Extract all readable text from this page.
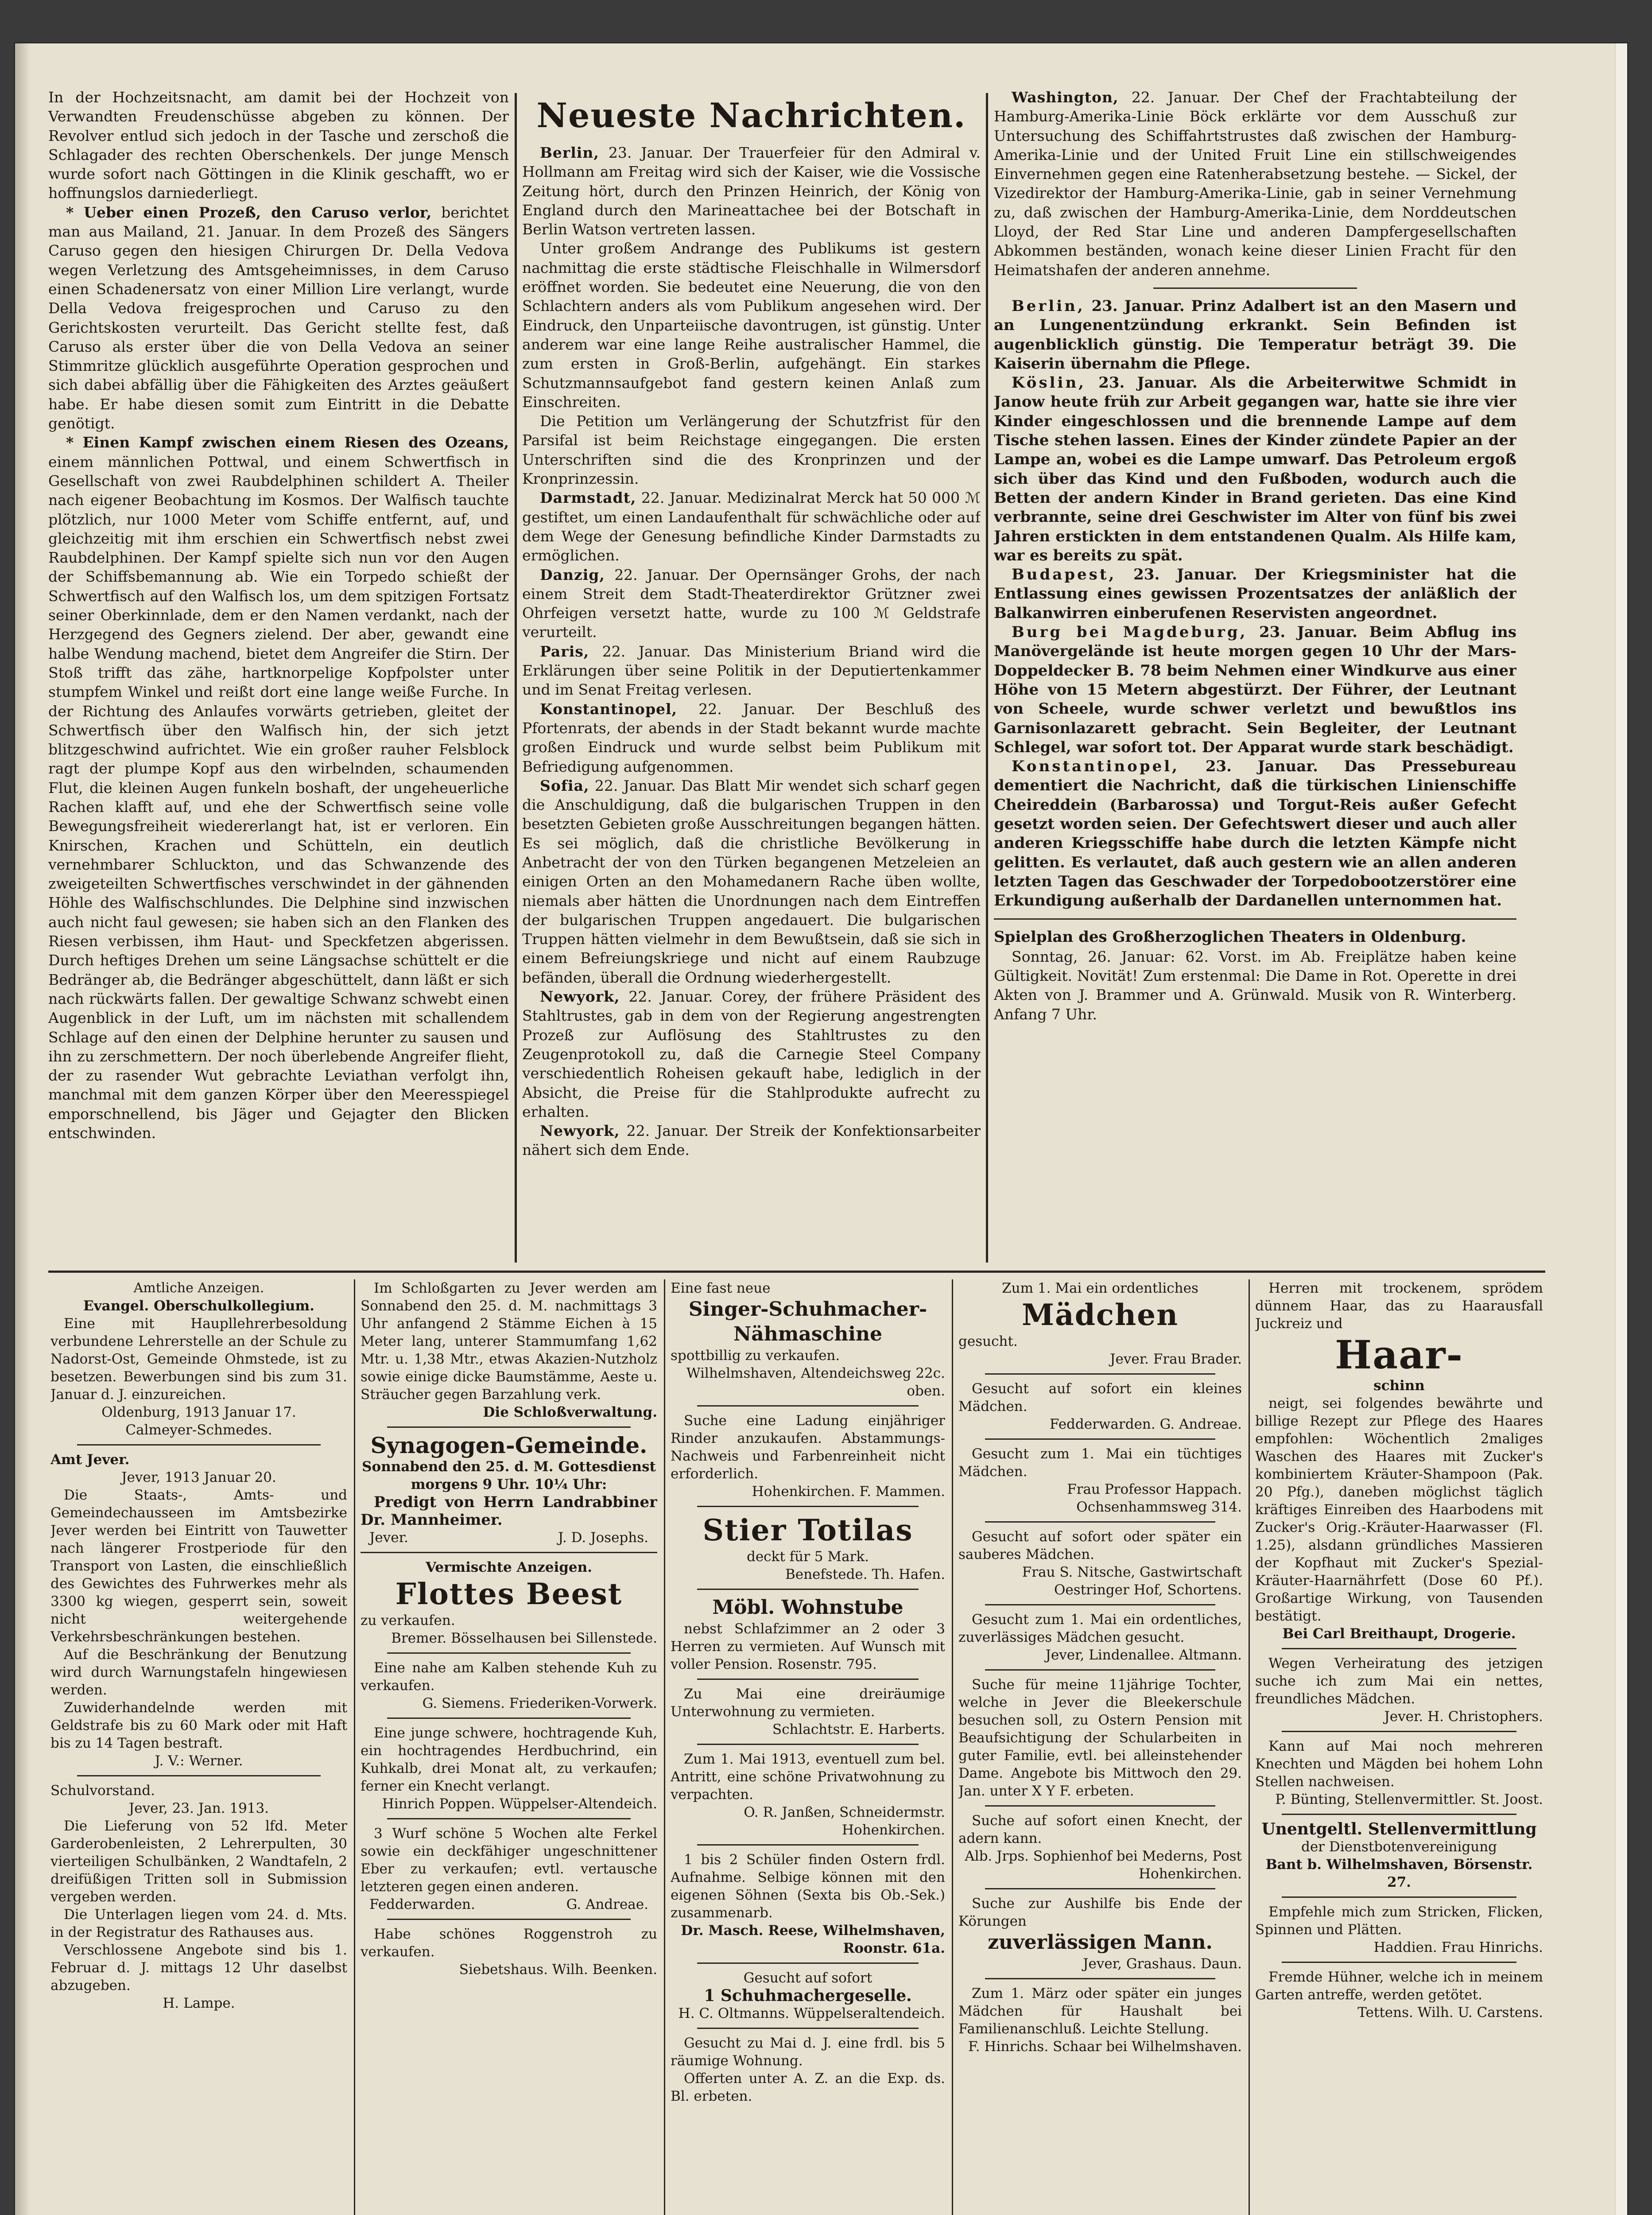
In der Hochzeitsnacht, am damit bei der Hochzeit von Verwandten Freudenschüsse abgeben zu können. Der Revolver entlud sich jedoch in der Tasche und zerschoß die Schlagader des rechten Oberschenkels. Der junge Mensch wurde sofort nach Göttingen in die Klinik geschafft, wo er hoffnungslos darniederliegt.

* Ueber einen Prozeß, den Caruso verlor, berichtet man aus Mailand, 21. Januar. In dem Prozeß des Sängers Caruso gegen den hiesigen Chirurgen Dr. Della Vedova wegen Verletzung des Amtsgeheimnisses, in dem Caruso einen Schadenersatz von einer Million Lire verlangt, wurde Della Vedova freigesprochen und Caruso zu den Gerichtskosten verurteilt. Das Gericht stellte fest, daß Caruso als erster über die von Della Vedova an seiner Stimmritze glücklich ausgeführte Operation gesprochen und sich dabei abfällig über die Fähigkeiten des Arztes geäußert habe. Er habe diesen somit zum Eintritt in die Debatte genötigt.

* Einen Kampf zwischen einem Riesen des Ozeans, einem männlichen Pottwal, und einem Schwertfisch in Gesellschaft von zwei Raubdelphinen schildert A. Theiler nach eigener Beobachtung im Kosmos. Der Walfisch tauchte plötzlich, nur 1000 Meter vom Schiffe entfernt, auf, und gleichzeitig mit ihm erschien ein Schwertfisch nebst zwei Raubdelphinen. Der Kampf spielte sich nun vor den Augen der Schiffsbemannung ab. Wie ein Torpedo schießt der Schwertfisch auf den Walfisch los, um dem spitzigen Fortsatz seiner Oberkinnlade, dem er den Namen verdankt, nach der Herzgegend des Gegners zielend. Der aber, gewandt eine halbe Wendung machend, bietet dem Angreifer die Stirn. Der Stoß trifft das zähe, hartknorpelige Kopfpolster unter stumpfem Winkel und reißt dort eine lange weiße Furche. In der Richtung des Anlaufes vorwärts getrieben, gleitet der Schwertfisch über den Walfisch hin, der sich jetzt blitzgeschwind aufrichtet. Wie ein großer rauher Felsblock ragt der plumpe Kopf aus den wirbelnden, schaumenden Flut, die kleinen Augen funkeln boshaft, der ungeheuerliche Rachen klafft auf, und ehe der Schwertfisch seine volle Bewegungsfreiheit wiedererlangt hat, ist er verloren. Ein Knirschen, Krachen und Schütteln, ein deutlich vernehmbarer Schluckton, und das Schwanzende des zweigeteilten Schwertfisches verschwindet in der gähnenden Höhle des Walfischschlundes. Die Delphine sind inzwischen auch nicht faul gewesen; sie haben sich an den Flanken des Riesen verbissen, ihm Haut- und Speckfetzen abgerissen. Durch heftiges Drehen um seine Längsachse schüttelt er die Bedränger ab, die Bedränger abgeschüttelt, dann läßt er sich nach rückwärts fallen. Der gewaltige Schwanz schwebt einen Augenblick in der Luft, um im nächsten mit schallendem Schlage auf den einen der Delphine herunter zu sausen und ihn zu zerschmettern. Der noch überlebende Angreifer flieht, der zu rasender Wut gebrachte Leviathan verfolgt ihn, manchmal mit dem ganzen Körper über den Meeresspiegel emporschnellend, bis Jäger und Gejagter den Blicken entschwinden.

Neueste Nachrichten.

Berlin, 23. Januar. Der Trauerfeier für den Admiral v. Hollmann am Freitag wird sich der Kaiser, wie die Vossische Zeitung hört, durch den Prinzen Heinrich, der König von England durch den Marineattachee bei der Botschaft in Berlin Watson vertreten lassen.

Unter großem Andrange des Publikums ist gestern nachmittag die erste städtische Fleischhalle in Wilmersdorf eröffnet worden. Sie bedeutet eine Neuerung, die von den Schlachtern anders als vom Publikum angesehen wird. Der Eindruck, den Unparteiische davontrugen, ist günstig. Unter anderem war eine lange Reihe australischer Hammel, die zum ersten in Groß-Berlin, aufgehängt. Ein starkes Schutzmannsaufgebot fand gestern keinen Anlaß zum Einschreiten.

Die Petition um Verlängerung der Schutzfrist für den Parsifal ist beim Reichstage eingegangen. Die ersten Unterschriften sind die des Kronprinzen und der Kronprinzessin.

Darmstadt, 22. Januar. Medizinalrat Merck hat 50 000 ℳ gestiftet, um einen Landaufenthalt für schwächliche oder auf dem Wege der Genesung befindliche Kinder Darmstadts zu ermöglichen.

Danzig, 22. Januar. Der Opernsänger Grohs, der nach einem Streit dem Stadt-Theaterdirektor Grützner zwei Ohrfeigen versetzt hatte, wurde zu 100 ℳ Geldstrafe verurteilt.

Paris, 22. Januar. Das Ministerium Briand wird die Erklärungen über seine Politik in der Deputiertenkammer und im Senat Freitag verlesen.

Konstantinopel, 22. Januar. Der Beschluß des Pfortenrats, der abends in der Stadt bekannt wurde machte großen Eindruck und wurde selbst beim Publikum mit Befriedigung aufgenommen.

Sofia, 22. Januar. Das Blatt Mir wendet sich scharf gegen die Anschuldigung, daß die bulgarischen Truppen in den besetzten Gebieten große Ausschreitungen begangen hätten. Es sei möglich, daß die christliche Bevölkerung in Anbetracht der von den Türken begangenen Metzeleien an einigen Orten an den Mohamedanern Rache üben wollte, niemals aber hätten die Unordnungen nach dem Eintreffen der bulgarischen Truppen angedauert. Die bulgarischen Truppen hätten vielmehr in dem Bewußtsein, daß sie sich in einem Befreiungskriege und nicht auf einem Raubzuge befänden, überall die Ordnung wiederhergestellt.

Newyork, 22. Januar. Corey, der frühere Präsident des Stahltrustes, gab in dem von der Regierung angestrengten Prozeß zur Auflösung des Stahltrustes zu den Zeugenprotokoll zu, daß die Carnegie Steel Company verschiedentlich Roheisen gekauft habe, lediglich in der Absicht, die Preise für die Stahlprodukte aufrecht zu erhalten.

Newyork, 22. Januar. Der Streik der Konfektionsarbeiter nähert sich dem Ende.

Washington, 22. Januar. Der Chef der Frachtabteilung der Hamburg-Amerika-Linie Böck erklärte vor dem Ausschuß zur Untersuchung des Schiffahrtstrustes daß zwischen der Hamburg-Amerika-Linie und der United Fruit Line ein stillschweigendes Einvernehmen gegen eine Ratenherabsetzung bestehe. — Sickel, der Vizedirektor der Hamburg-Amerika-Linie, gab in seiner Vernehmung zu, daß zwischen der Hamburg-Amerika-Linie, dem Norddeutschen Lloyd, der Red Star Line und anderen Dampfergesellschaften Abkommen beständen, wonach keine dieser Linien Fracht für den Heimatshafen der anderen annehme.

Berlin, 23. Januar. Prinz Adalbert ist an den Masern und an Lungenentzündung erkrankt. Sein Befinden ist augenblicklich günstig. Die Temperatur beträgt 39. Die Kaiserin übernahm die Pflege.

Köslin, 23. Januar. Als die Arbeiterwitwe Schmidt in Janow heute früh zur Arbeit gegangen war, hatte sie ihre vier Kinder eingeschlossen und die brennende Lampe auf dem Tische stehen lassen. Eines der Kinder zündete Papier an der Lampe an, wobei es die Lampe umwarf. Das Petroleum ergoß sich über das Kind und den Fußboden, wodurch auch die Betten der andern Kinder in Brand gerieten. Das eine Kind verbrannte, seine drei Geschwister im Alter von fünf bis zwei Jahren erstickten in dem entstandenen Qualm. Als Hilfe kam, war es bereits zu spät.

Budapest, 23. Januar. Der Kriegsminister hat die Entlassung eines gewissen Prozentsatzes der anläßlich der Balkanwirren einberufenen Reservisten angeordnet.

Burg bei Magdeburg, 23. Januar. Beim Abflug ins Manövergelände ist heute morgen gegen 10 Uhr der Mars-Doppeldecker B. 78 beim Nehmen einer Windkurve aus einer Höhe von 15 Metern abgestürzt. Der Führer, der Leutnant von Scheele, wurde schwer verletzt und bewußtlos ins Garnisonlazarett gebracht. Sein Begleiter, der Leutnant Schlegel, war sofort tot. Der Apparat wurde stark beschädigt.

Konstantinopel, 23. Januar. Das Pressebureau dementiert die Nachricht, daß die türkischen Linienschiffe Cheireddein (Barbarossa) und Torgut-Reis außer Gefecht gesetzt worden seien. Der Gefechtswert dieser und auch aller anderen Kriegsschiffe habe durch die letzten Kämpfe nicht gelitten. Es verlautet, daß auch gestern wie an allen anderen letzten Tagen das Geschwader der Torpedobootzerstörer eine Erkundigung außerhalb der Dardanellen unternommen hat.

Spielplan des Großherzoglichen Theaters in Oldenburg.

Sonntag, 26. Januar: 62. Vorst. im Ab. Freiplätze haben keine Gültigkeit. Novität! Zum erstenmal: Die Dame in Rot. Operette in drei Akten von J. Brammer und A. Grünwald. Musik von R. Winterberg. Anfang 7 Uhr.

Amtliche Anzeigen.
Evangel. Oberschulkollegium.

Eine mit Haupllehrerbesoldung verbundene Lehrerstelle an der Schule zu Nadorst-Ost, Gemeinde Ohmstede, ist zu besetzen. Bewerbungen sind bis zum 31. Januar d. J. einzureichen.

Oldenburg, 1913 Januar 17.
Calmeyer-Schmedes.
Amt Jever.
Jever, 1913 Januar 20.

Die Staats-, Amts- und Gemeindechausseen im Amtsbezirke Jever werden bei Eintritt von Tauwetter nach längerer Frostperiode für den Transport von Lasten, die einschließlich des Gewichtes des Fuhrwerkes mehr als 3300 kg wiegen, gesperrt sein, soweit nicht weitergehende Verkehrsbeschränkungen bestehen.

Auf die Beschränkung der Benutzung wird durch Warnungstafeln hingewiesen werden.

Zuwiderhandelnde werden mit Geldstrafe bis zu 60 Mark oder mit Haft bis zu 14 Tagen bestraft.

J. V.: Werner.
Schulvorstand.
Jever, 23. Jan. 1913.

Die Lieferung von 52 lfd. Meter Garderobenleisten, 2 Lehrerpulten, 30 vierteiligen Schulbänken, 2 Wandtafeln, 2 dreifüßigen Tritten soll in Submission vergeben werden.

Die Unterlagen liegen vom 24. d. Mts. in der Registratur des Rathauses aus.

Verschlossene Angebote sind bis 1. Februar d. J. mittags 12 Uhr daselbst abzugeben.

H. Lampe.

Im Schloßgarten zu Jever werden am Sonnabend den 25. d. M. nachmittags 3 Uhr anfangend 2 Stämme Eichen à 15 Meter lang, unterer Stammumfang 1,62 Mtr. u. 1,38 Mtr., etwas Akazien-Nutzholz sowie einige dicke Baumstämme, Aeste u. Sträucher gegen Barzahlung verk.

Die Schloßverwaltung.
Synagogen-Gemeinde.
Sonnabend den 25. d. M. Gottesdienst morgens 9 Uhr. 10¼ Uhr:

Predigt von Herrn Landrabbiner Dr. Mannheimer.

Jever.	J. D. Josephs.
Vermischte Anzeigen.
Flottes Beest
zu verkaufen.
Bremer. Bösselhausen bei Sillenstede.

Eine nahe am Kalben stehende Kuh zu verkaufen.

G. Siemens. Friederiken-Vorwerk.

Eine junge schwere, hochtragende Kuh, ein hochtragendes Herdbuchrind, ein Kuhkalb, drei Monat alt, zu verkaufen; ferner ein Knecht verlangt.

Hinrich Poppen. Wüppelser-Altendeich.

3 Wurf schöne 5 Wochen alte Ferkel sowie ein deckfähiger ungeschnittener Eber zu verkaufen; evtl. vertausche letzteren gegen einen anderen.

Fedderwarden.	G. Andreae.

Habe schönes Roggenstroh zu verkaufen.

Siebetshaus. Wilh. Beenken.
Eine fast neue
Singer-Schuhmacher-Nähmaschine
spottbillig zu verkaufen.
Wilhelmshaven, Altendeichsweg 22c. oben.

Suche eine Ladung einjähriger Rinder anzukaufen. Abstammungs-Nachweis und Farbenreinheit nicht erforderlich.

Hohenkirchen. F. Mammen.
Stier Totilas
deckt für 5 Mark.
Benefstede. Th. Hafen.
Möbl. Wohnstube

nebst Schlafzimmer an 2 oder 3 Herren zu vermieten. Auf Wunsch mit voller Pension. Rosenstr. 795.

Zu Mai eine dreiräumige Unterwohnung zu vermieten.

Schlachtstr. E. Harberts.

Zum 1. Mai 1913, eventuell zum bel. Antritt, eine schöne Privatwohnung zu verpachten.

O. R. Janßen, Schneidermstr. Hohenkirchen.

1 bis 2 Schüler finden Ostern frdl. Aufnahme. Selbige können mit den eigenen Söhnen (Sexta bis Ob.-Sek.) zusammenarb.

Dr. Masch. Reese, Wilhelmshaven, Roonstr. 61a.
Gesucht auf sofort
1 Schuhmachergeselle.
H. C. Oltmanns. Wüppelseraltendeich.

Gesucht zu Mai d. J. eine frdl. bis 5 räumige Wohnung.

Offerten unter A. Z. an die Exp. ds. Bl. erbeten.

Zum 1. Mai ein ordentliches
Mädchen
gesucht.
Jever. Frau Brader.

Gesucht auf sofort ein kleines Mädchen.

Fedderwarden. G. Andreae.

Gesucht zum 1. Mai ein tüchtiges Mädchen.

Frau Professor Happach. Ochsenhammsweg 314.

Gesucht auf sofort oder später ein sauberes Mädchen.

Frau S. Nitsche, Gastwirtschaft Oestringer Hof, Schortens.

Gesucht zum 1. Mai ein ordentliches, zuverlässiges Mädchen gesucht.

Jever, Lindenallee. Altmann.

Suche für meine 11jährige Tochter, welche in Jever die Bleekerschule besuchen soll, zu Ostern Pension mit Beaufsichtigung der Schularbeiten in guter Familie, evtl. bei alleinstehender Dame. Angebote bis Mittwoch den 29. Jan. unter X Y F. erbeten.

Suche auf sofort einen Knecht, der adern kann.

Alb. Jrps. Sophienhof bei Mederns, Post Hohenkirchen.

Suche zur Aushilfe bis Ende der Körungen

zuverlässigen Mann.
Jever, Grashaus. Daun.

Zum 1. März oder später ein junges Mädchen für Haushalt bei Familienanschluß. Leichte Stellung.

F. Hinrichs. Schaar bei Wilhelmshaven.

Herren mit trockenem, sprödem dünnem Haar, das zu Haarausfall Juckreiz und

Haar-
schinn

neigt, sei folgendes bewährte und billige Rezept zur Pflege des Haares empfohlen: Wöchentlich 2maliges Waschen des Haares mit Zucker's kombiniertem Kräuter-Shampoon (Pak. 20 Pfg.), daneben möglichst täglich kräftiges Einreiben des Haarbodens mit Zucker's Orig.-Kräuter-Haarwasser (Fl. 1.25), alsdann gründliches Massieren der Kopfhaut mit Zucker's Spezial-Kräuter-Haarnährfett (Dose 60 Pf.). Großartige Wirkung, von Tausenden bestätigt.

Bei Carl Breithaupt, Drogerie.

Wegen Verheiratung des jetzigen suche ich zum Mai ein nettes, freundliches Mädchen.

Jever. H. Christophers.

Kann auf Mai noch mehreren Knechten und Mägden bei hohem Lohn Stellen nachweisen.

P. Bünting, Stellenvermittler. St. Joost.
Unentgeltl. Stellenvermittlung
der Dienstbotenvereinigung
Bant b. Wilhelmshaven, Börsenstr. 27.

Empfehle mich zum Stricken, Flicken, Spinnen und Plätten.

Haddien. Frau Hinrichs.

Fremde Hühner, welche ich in meinem Garten antreffe, werden getötet.

Tettens. Wilh. U. Carstens.
